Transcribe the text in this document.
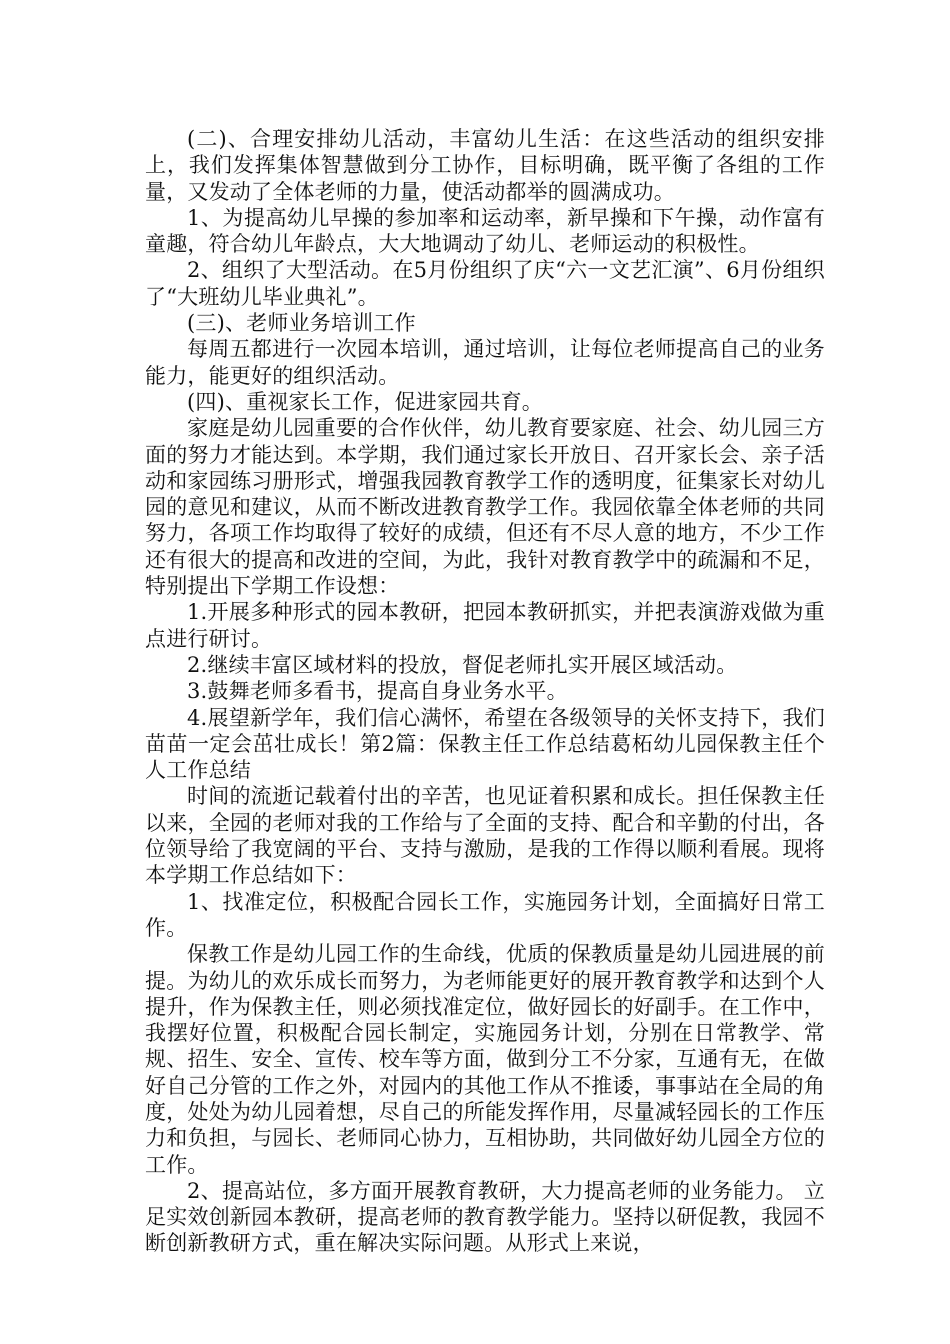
(二)、合理安排幼儿活动，丰富幼儿生活：在这些活动的组织安排上，我们发挥集体智慧做到分工协作，目标明确，既平衡了各组的工作量，又发动了全体老师的力量，使活动都举的圆满成功。

1、为提高幼儿早操的参加率和运动率，新早操和下午操，动作富有童趣，符合幼儿年龄点，大大地调动了幼儿、老师运动的积极性。

2、组织了大型活动。在5月份组织了庆“六一文艺汇演”、6月份组织了“大班幼儿毕业典礼”。

(三)、老师业务培训工作

每周五都进行一次园本培训，通过培训，让每位老师提高自己的业务能力，能更好的组织活动。

(四)、重视家长工作，促进家园共育。

家庭是幼儿园重要的合作伙伴，幼儿教育要家庭、社会、幼儿园三方面的努力才能达到。本学期，我们通过家长开放日、召开家长会、亲子活动和家园练习册形式，增强我园教育教学工作的透明度，征集家长对幼儿园的意见和建议，从而不断改进教育教学工作。我园依靠全体老师的共同努力，各项工作均取得了较好的成绩，但还有不尽人意的地方，不少工作还有很大的提高和改进的空间，为此，我针对教育教学中的疏漏和不足，特别提出下学期工作设想：

1.开展多种形式的园本教研，把园本教研抓实，并把表演游戏做为重点进行研讨。

2.继续丰富区域材料的投放，督促老师扎实开展区域活动。

3.鼓舞老师多看书，提高自身业务水平。

4.展望新学年，我们信心满怀，希望在各级领导的关怀支持下，我们苗苗一定会茁壮成长！第2篇：保教主任工作总结葛柘幼儿园保教主任个人工作总结

时间的流逝记载着付出的辛苦，也见证着积累和成长。担任保教主任以来，全园的老师对我的工作给与了全面的支持、配合和辛勤的付出，各位领导给了我宽阔的平台、支持与激励，是我的工作得以顺利看展。现将本学期工作总结如下：

1、找准定位，积极配合园长工作，实施园务计划，全面搞好日常工作。

保教工作是幼儿园工作的生命线，优质的保教质量是幼儿园进展的前提。为幼儿的欢乐成长而努力，为老师能更好的展开教育教学和达到个人提升，作为保教主任，则必须找准定位，做好园长的好副手。在工作中，我摆好位置，积极配合园长制定，实施园务计划，分别在日常教学、常规、招生、安全、宣传、校车等方面，做到分工不分家，互通有无，在做好自己分管的工作之外，对园内的其他工作从不推诿，事事站在全局的角度，处处为幼儿园着想，尽自己的所能发挥作用，尽量减轻园长的工作压力和负担，与园长、老师同心协力，互相协助，共同做好幼儿园全方位的工作。

2、提高站位，多方面开展教育教研，大力提高老师的业务能力。 立足实效创新园本教研，提高老师的教育教学能力。坚持以研促教，我园不断创新教研方式，重在解决实际问题。从形式上来说，
